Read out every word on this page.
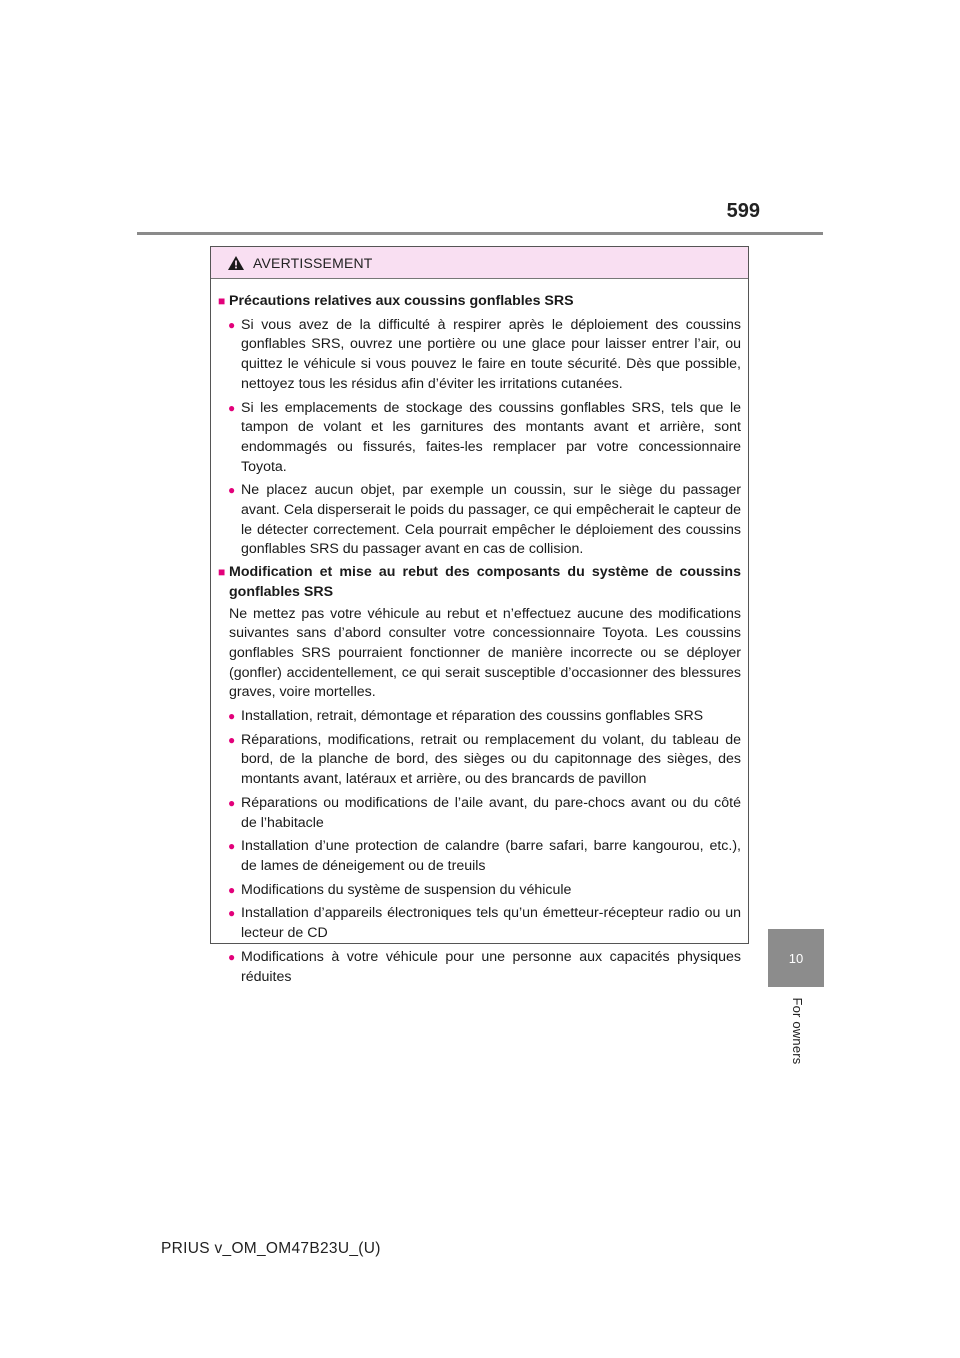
599
10
For owners
AVERTISSEMENT
■ Précautions relatives aux coussins gonflables SRS
● Si vous avez de la difficulté à respirer après le déploiement des coussins gonflables SRS, ouvrez une portière ou une glace pour laisser entrer l’air, ou quittez le véhicule si vous pouvez le faire en toute sécurité. Dès que possible, nettoyez tous les résidus afin d’éviter les irritations cutanées.
● Si les emplacements de stockage des coussins gonflables SRS, tels que le tampon de volant et les garnitures des montants avant et arrière, sont endommagés ou fissurés, faites-les remplacer par votre concessionnaire Toyota.
● Ne placez aucun objet, par exemple un coussin, sur le siège du passager avant. Cela disperserait le poids du passager, ce qui empêcherait le capteur de le détecter correctement. Cela pourrait empêcher le déploiement des coussins gonflables SRS du passager avant en cas de collision.
■ Modification et mise au rebut des composants du système de coussins gonflables SRS
Ne mettez pas votre véhicule au rebut et n’effectuez aucune des modifications suivantes sans d’abord consulter votre concessionnaire Toyota. Les coussins gonflables SRS pourraient fonctionner de manière incorrecte ou se déployer (gonfler) accidentellement, ce qui serait susceptible d’occasionner des blessures graves, voire mortelles.
● Installation, retrait, démontage et réparation des coussins gonflables SRS
● Réparations, modifications, retrait ou remplacement du volant, du tableau de bord, de la planche de bord, des sièges ou du capitonnage des sièges, des montants avant, latéraux et arrière, ou des brancards de pavillon
● Réparations ou modifications de l’aile avant, du pare-chocs avant ou du côté de l’habitacle
● Installation d’une protection de calandre (barre safari, barre kangourou, etc.), de lames de déneigement ou de treuils
● Modifications du système de suspension du véhicule
● Installation d’appareils électroniques tels qu’un émetteur-récepteur radio ou un lecteur de CD
● Modifications à votre véhicule pour une personne aux capacités physiques réduites
PRIUS v_OM_OM47B23U_(U)
